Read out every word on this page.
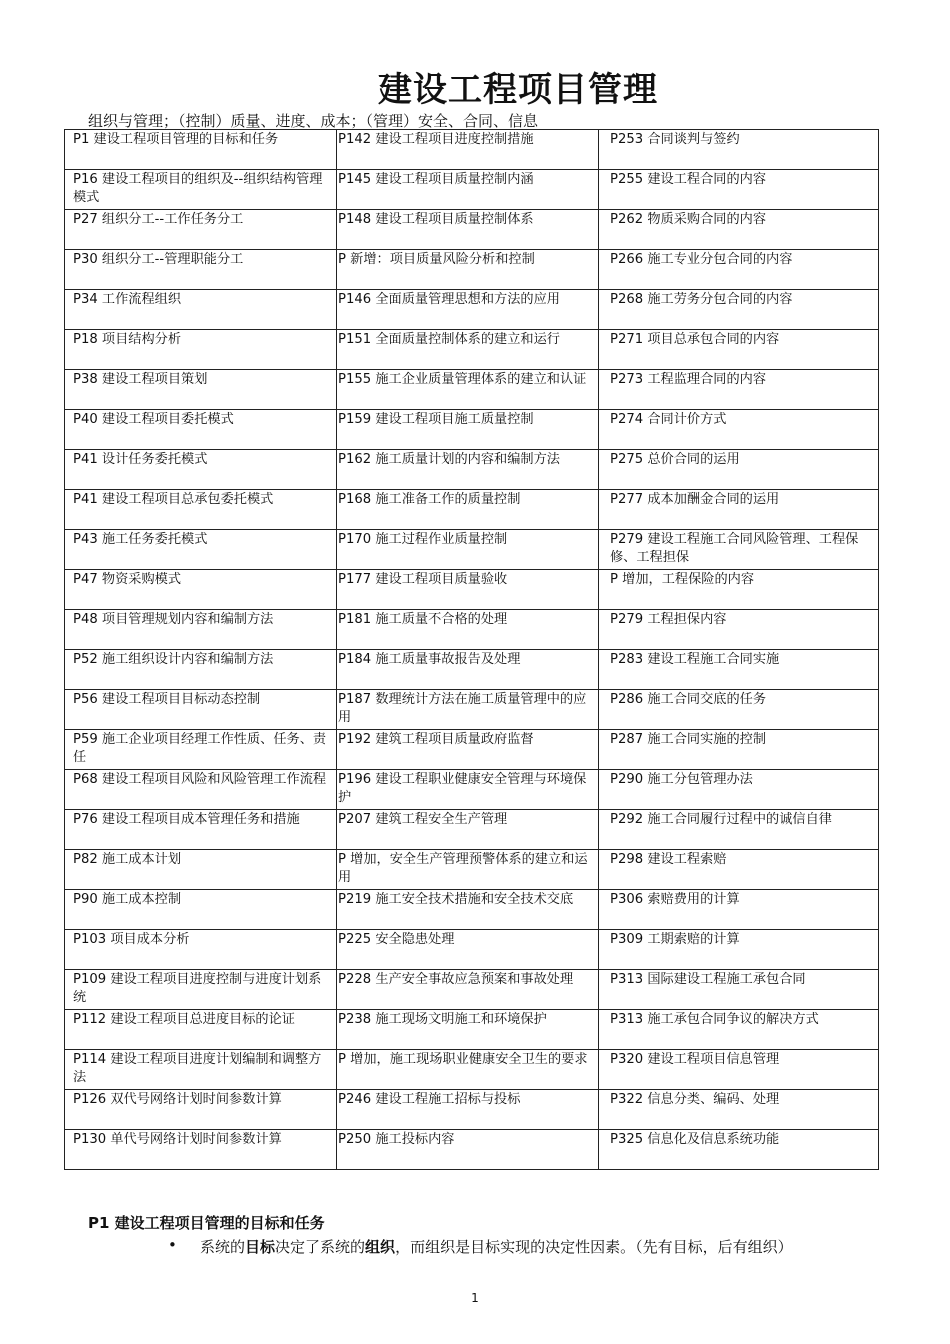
建设工程项目管理
组织与管理；（控制）质量、进度、成本；（管理）安全、合同、信息
P1 建设工程项目管理的目标和任务	P142 建设工程项目进度控制措施	P253 合同谈判与签约
P16 建设工程项目的组织及--组织结构管理模式	P145 建设工程项目质量控制内涵	P255 建设工程合同的内容
P27 组织分工--工作任务分工	P148 建设工程项目质量控制体系	P262 物质采购合同的内容
P30 组织分工--管理职能分工	P 新增：项目质量风险分析和控制	P266 施工专业分包合同的内容
P34 工作流程组织	P146 全面质量管理思想和方法的应用	P268 施工劳务分包合同的内容
P18 项目结构分析	P151 全面质量控制体系的建立和运行	P271 项目总承包合同的内容
P38 建设工程项目策划	P155 施工企业质量管理体系的建立和认证	P273 工程监理合同的内容
P40 建设工程项目委托模式	P159 建设工程项目施工质量控制	P274 合同计价方式
P41 设计任务委托模式	P162 施工质量计划的内容和编制方法	P275 总价合同的运用
P41 建设工程项目总承包委托模式	P168 施工准备工作的质量控制	P277 成本加酬金合同的运用
P43 施工任务委托模式	P170 施工过程作业质量控制	P279 建设工程施工合同风险管理、工程保修、工程担保
P47 物资采购模式	P177 建设工程项目质量验收	P 增加，工程保险的内容
P48 项目管理规划内容和编制方法	P181 施工质量不合格的处理	P279 工程担保内容
P52 施工组织设计内容和编制方法	P184 施工质量事故报告及处理	P283 建设工程施工合同实施
P56 建设工程项目目标动态控制	P187 数理统计方法在施工质量管理中的应用	P286 施工合同交底的任务
P59 施工企业项目经理工作性质、任务、责任	P192 建筑工程项目质量政府监督	P287 施工合同实施的控制
P68 建设工程项目风险和风险管理工作流程	P196 建设工程职业健康安全管理与环境保护	P290 施工分包管理办法
P76 建设工程项目成本管理任务和措施	P207 建筑工程安全生产管理	P292 施工合同履行过程中的诚信自律
P82 施工成本计划	P 增加，安全生产管理预警体系的建立和运用	P298 建设工程索赔
P90 施工成本控制	P219 施工安全技术措施和安全技术交底	P306 索赔费用的计算
P103 项目成本分析	P225 安全隐患处理	P309 工期索赔的计算
P109 建设工程项目进度控制与进度计划系统	P228 生产安全事故应急预案和事故处理	P313 国际建设工程施工承包合同
P112 建设工程项目总进度目标的论证	P238 施工现场文明施工和环境保护	P313 施工承包合同争议的解决方式
P114 建设工程项目进度计划编制和调整方法	P 增加，施工现场职业健康安全卫生的要求	P320 建设工程项目信息管理
P126 双代号网络计划时间参数计算	P246 建设工程施工招标与投标	P322 信息分类、编码、处理
P130 单代号网络计划时间参数计算	P250 施工投标内容	P325 信息化及信息系统功能
P1 建设工程项目管理的目标和任务
• 系统的目标决定了系统的组织，而组织是目标实现的决定性因素。（先有目标，后有组织）
1
